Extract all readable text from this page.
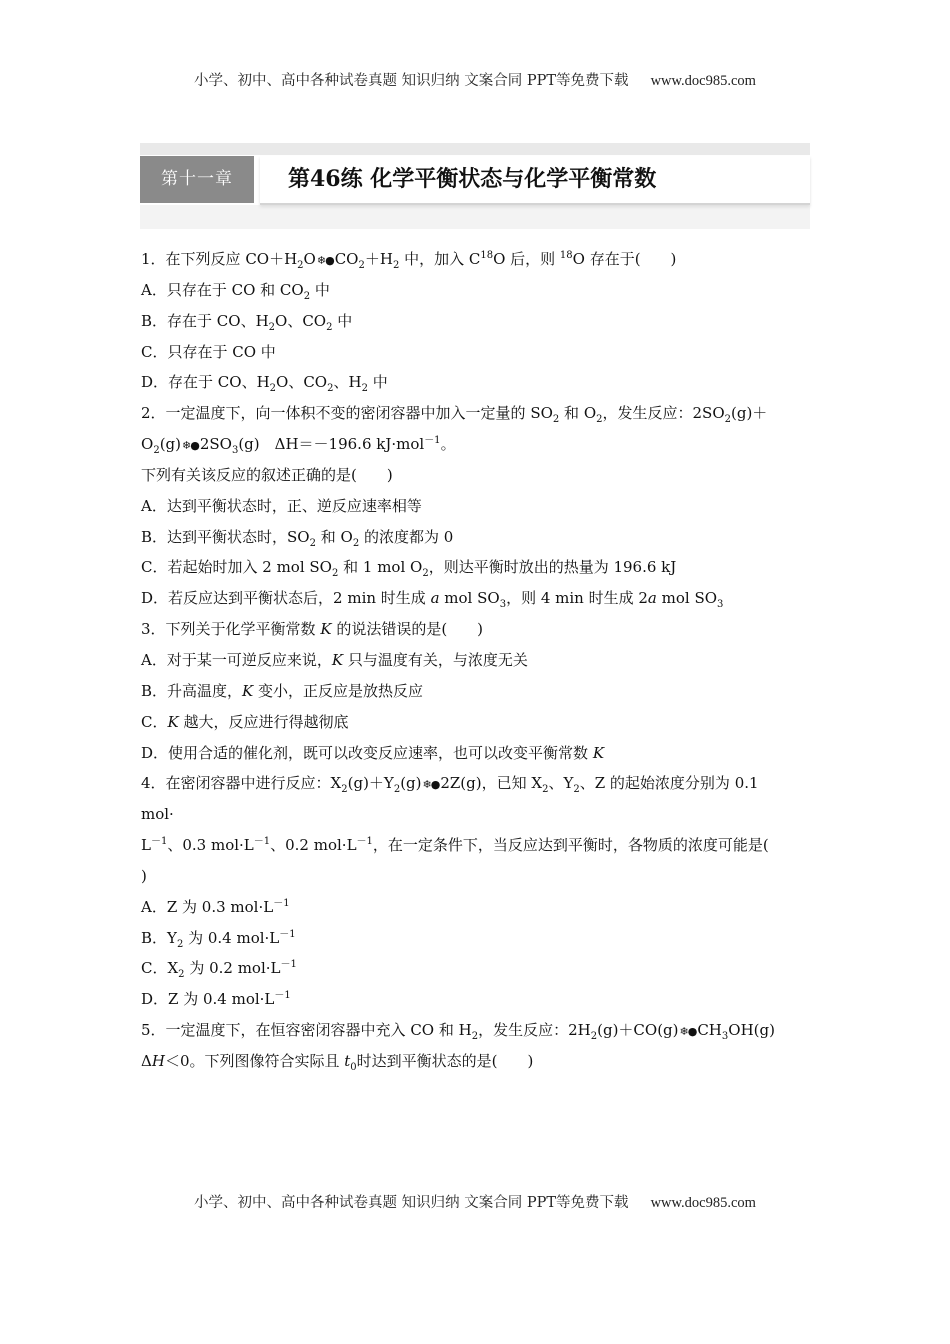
小学、初中、高中各种试卷真题 知识归纳 文案合同 PPT等免费下载 www.doc985.com
第十一章	第46练 化学平衡状态与化学平衡常数
1．在下列反应 $CO+H_2O❄●CO_2+H_2$ 中，加入 $C^{18}O$ 后，则 $^{18}$O 存在于(　　)
A．只存在于 CO 和 $CO_2$ 中
B．存在于 CO、$H_2O$、$CO_2$ 中
C．只存在于 CO 中
D．存在于 CO、$H_2O$、$CO_2$、$H_2$ 中
2．一定温度下，向一体积不变的密闭容器中加入一定量的 $SO_2$ 和 $O_2$，发生反应：$2SO_2(g)+$
$O_2(g)❄●2SO_3(g)$　ΔH＝－196.6 kJ·mol$^{-1}$。
下列有关该反应的叙述正确的是(　　)
A．达到平衡状态时，正、逆反应速率相等
B．达到平衡状态时，$SO_2$ 和 $O_2$ 的浓度都为 0
C．若起始时加入 2 mol $SO_2$ 和 1 mol $O_2$，则达平衡时放出的热量为 196.6 kJ
D．若反应达到平衡状态后，2 min 时生成 a mol $SO_3$，则 4 min 时生成 2a mol $SO_3$
3．下列关于化学平衡常数 K 的说法错误的是(　　)
A．对于某一可逆反应来说，K 只与温度有关，与浓度无关
B．升高温度，K 变小，正反应是放热反应
C．K 越大，反应进行得越彻底
D．使用合适的催化剂，既可以改变反应速率，也可以改变平衡常数 K
4．在密闭容器中进行反应：$X_2(g)+Y_2(g)❄●2Z(g)$，已知 $X_2$、$Y_2$、Z 的起始浓度分别为 0.1
mol·
$L^{-1}$、0.3 $mol\cdot L^{-1}$、0.2 $mol\cdot L^{-1}$，在一定条件下，当反应达到平衡时，各物质的浓度可能是(
)
A．Z 为 0.3 $mol\cdot L^{-1}$
B．$Y_2$ 为 0.4 $mol\cdot L^{-1}$
C．$X_2$ 为 0.2 $mol\cdot L^{-1}$
D．Z 为 0.4 $mol\cdot L^{-1}$
5．一定温度下，在恒容密闭容器中充入 CO 和 $H_2$，发生反应：$2H_2(g)+CO(g)❄●CH_3OH(g)$
ΔH＜0。下列图像符合实际且 $t_0$时达到平衡状态的是(　　)
小学、初中、高中各种试卷真题 知识归纳 文案合同 PPT等免费下载 www.doc985.com
